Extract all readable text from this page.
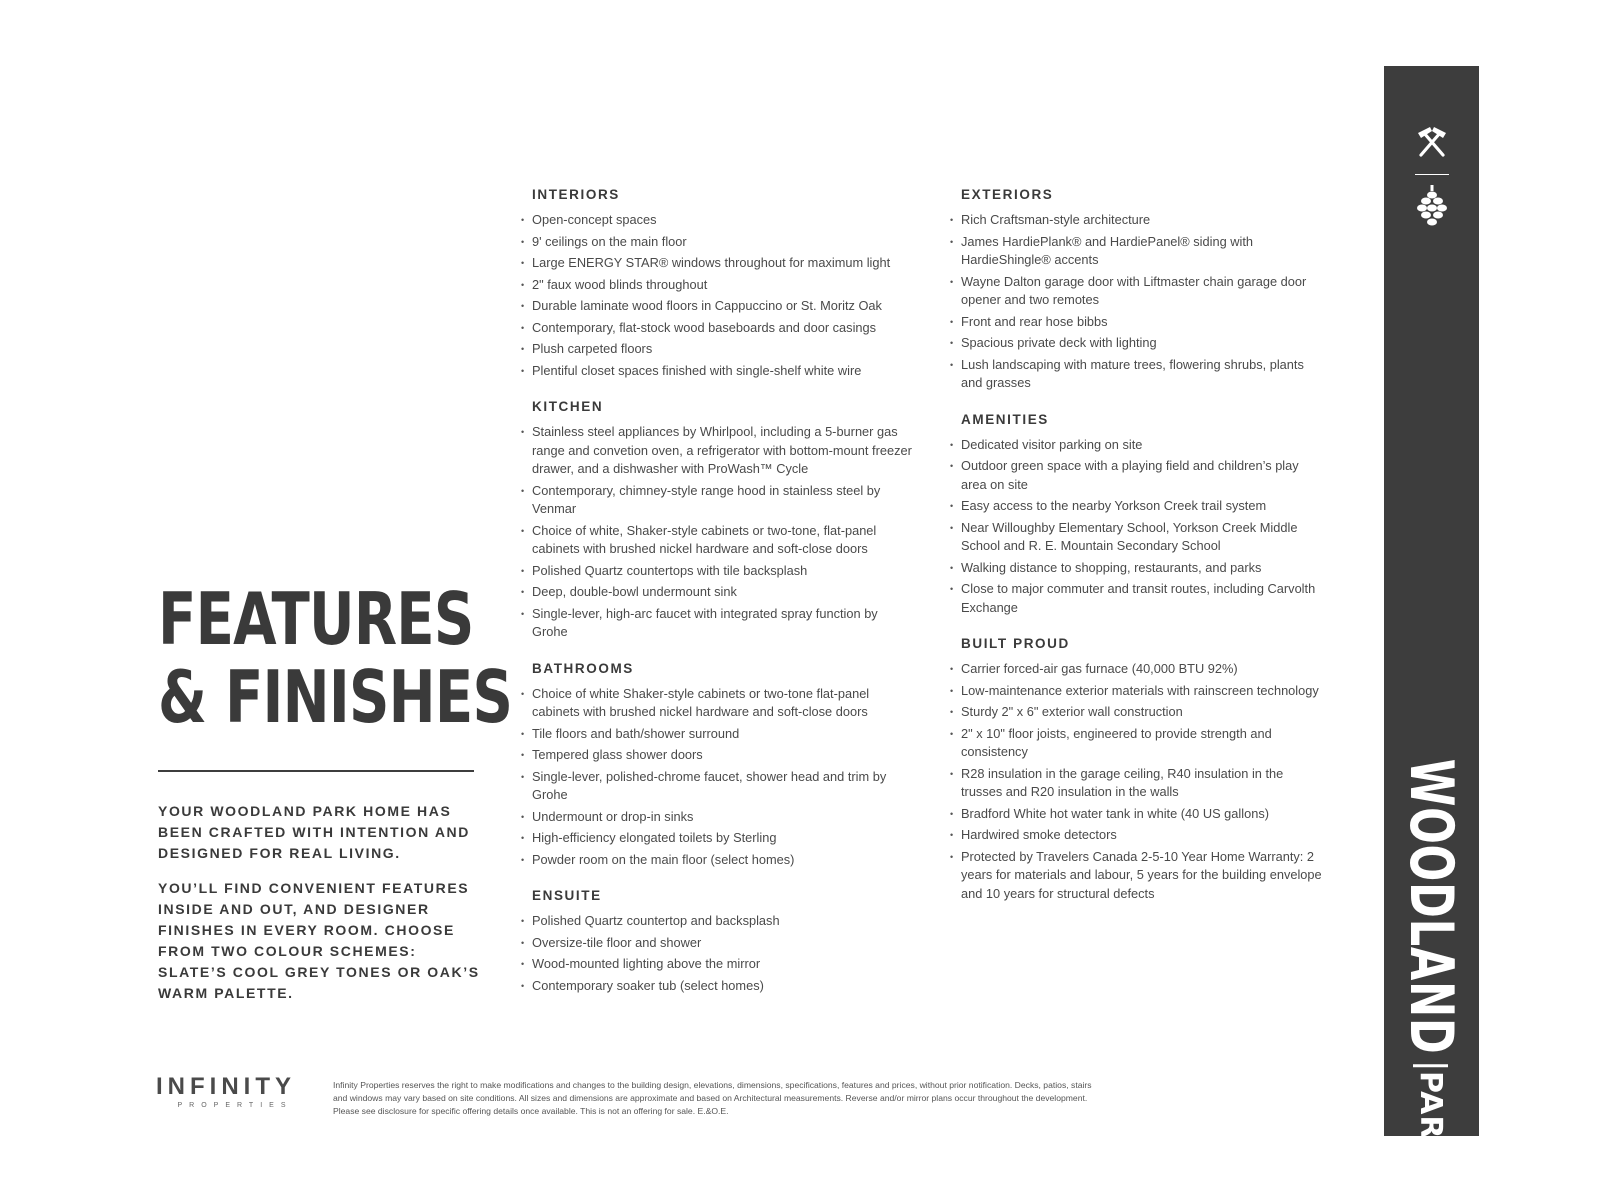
FEATURES
& FINISHES

YOUR WOODLAND PARK HOME HAS BEEN CRAFTED WITH INTENTION AND DESIGNED FOR REAL LIVING.

YOU’LL FIND CONVENIENT FEATURES INSIDE AND OUT, AND DESIGNER FINISHES IN EVERY ROOM. CHOOSE FROM TWO COLOUR SCHEMES: SLATE’S COOL GREY TONES OR OAK’S WARM PALETTE.

INTERIORS
• Open-concept spaces
• 9' ceilings on the main floor
• Large ENERGY STAR® windows throughout for maximum light
• 2" faux wood blinds throughout
• Durable laminate wood floors in Cappuccino or St. Moritz Oak
• Contemporary, flat-stock wood baseboards and door casings
• Plush carpeted floors
• Plentiful closet spaces finished with single-shelf white wire
KITCHEN
• Stainless steel appliances by Whirlpool, including a 5-burner gas range and convetion oven, a refrigerator with bottom-mount freezer drawer, and a dishwasher with ProWash™ Cycle
• Contemporary, chimney-style range hood in stainless steel by Venmar
• Choice of white, Shaker-style cabinets or two-tone, flat-panel cabinets with brushed nickel hardware and soft-close doors
• Polished Quartz countertops with tile backsplash
• Deep, double-bowl undermount sink
• Single-lever, high-arc faucet with integrated spray function by Grohe
BATHROOMS
• Choice of white Shaker-style cabinets or two-tone flat-panel cabinets with brushed nickel hardware and soft-close doors
• Tile floors and bath/shower surround
• Tempered glass shower doors
• Single-lever, polished-chrome faucet, shower head and trim by Grohe
• Undermount or drop-in sinks
• High-efficiency elongated toilets by Sterling
• Powder room on the main floor (select homes)
ENSUITE
• Polished Quartz countertop and backsplash
• Oversize-tile floor and shower
• Wood-mounted lighting above the mirror
• Contemporary soaker tub (select homes)
EXTERIORS
• Rich Craftsman-style architecture
• James HardiePlank® and HardiePanel® siding with HardieShingle® accents
• Wayne Dalton garage door with Liftmaster chain garage door opener and two remotes
• Front and rear hose bibbs
• Spacious private deck with lighting
• Lush landscaping with mature trees, flowering shrubs, plants and grasses
AMENITIES
• Dedicated visitor parking on site
• Outdoor green space with a playing field and children’s play area on site
• Easy access to the nearby Yorkson Creek trail system
• Near Willoughby Elementary School, Yorkson Creek Middle School and R. E. Mountain Secondary School
• Walking distance to shopping, restaurants, and parks
• Close to major commuter and transit routes, including Carvolth Exchange
BUILT PROUD
• Carrier forced-air gas furnace (40,000 BTU 92%)
• Low-maintenance exterior materials with rainscreen technology
• Sturdy 2" x 6" exterior wall construction
• 2" x 10" floor joists, engineered to provide strength and consistency
• R28 insulation in the garage ceiling, R40 insulation in the trusses and R20 insulation in the walls
• Bradford White hot water tank in white (40 US gallons)
• Hardwired smoke detectors
• Protected by Travelers Canada 2-5-10 Year Home Warranty: 2 years for materials and labour, 5 years for the building envelope and 10 years for structural defects
INFINITY
PROPERTIES
Infinity Properties reserves the right to make modifications and changes to the building design, elevations, dimensions, specifications, features and prices, without prior notification. Decks, patios, stairs and windows may vary based on site conditions. All sizes and dimensions are approximate and based on Architectural measurements. Reverse and/or mirror plans occur throughout the development. Please see disclosure for specific offering details once available. This is not an offering for sale. E.&O.E.
WOODLAND
PARK
